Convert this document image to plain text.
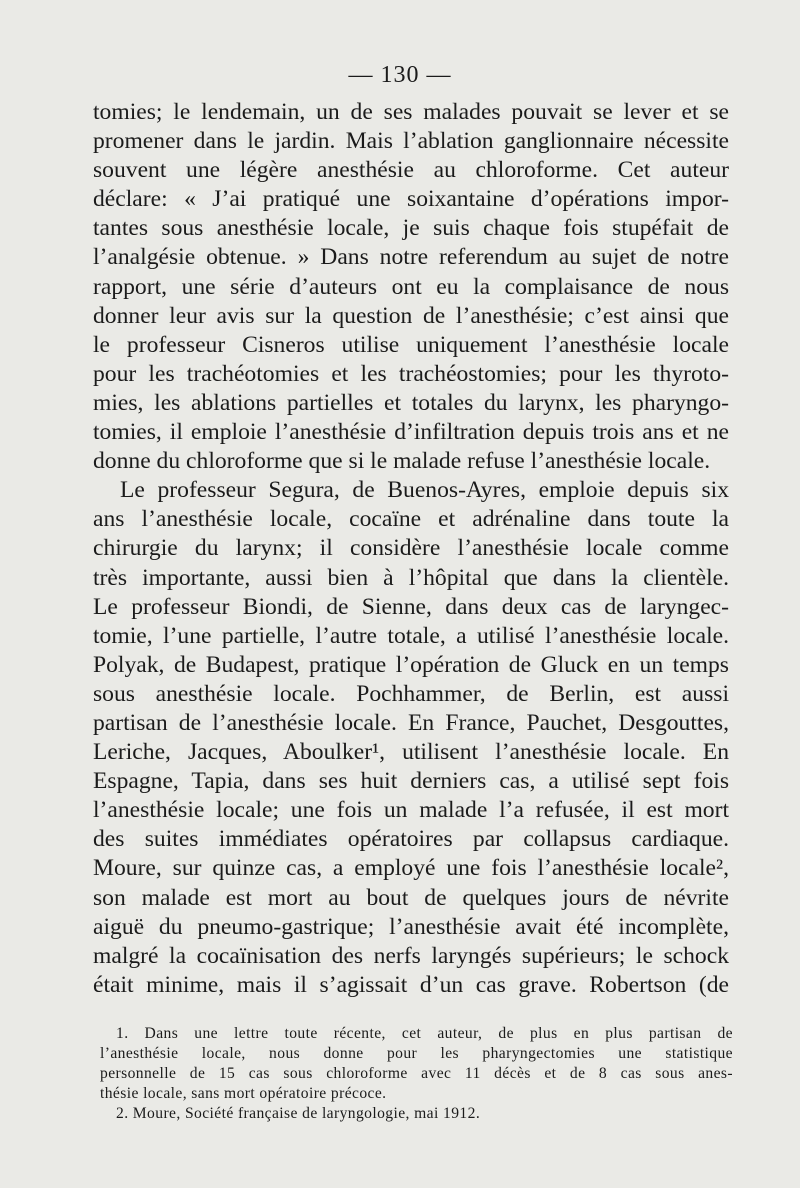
— 130 —
tomies; le lendemain, un de ses malades pouvait se lever et se
promener dans le jardin. Mais l’ablation ganglionnaire nécessite
souvent une légère anesthésie au chloroforme. Cet auteur
déclare: « J’ai pratiqué une soixantaine d’opérations impor-
tantes sous anesthésie locale, je suis chaque fois stupéfait de
l’analgésie obtenue. » Dans notre referendum au sujet de notre
rapport, une série d’auteurs ont eu la complaisance de nous
donner leur avis sur la question de l’anesthésie; c’est ainsi que
le professeur Cisneros utilise uniquement l’anesthésie locale
pour les trachéotomies et les trachéostomies; pour les thyroto-
mies, les ablations partielles et totales du larynx, les pharyngo-
tomies, il emploie l’anesthésie d’infiltration depuis trois ans et ne
donne du chloroforme que si le malade refuse l’anesthésie locale.
Le professeur Segura, de Buenos-Ayres, emploie depuis six
ans l’anesthésie locale, cocaïne et adrénaline dans toute la
chirurgie du larynx; il considère l’anesthésie locale comme
très importante, aussi bien à l’hôpital que dans la clientèle.
Le professeur Biondi, de Sienne, dans deux cas de laryngec-
tomie, l’une partielle, l’autre totale, a utilisé l’anesthésie locale.
Polyak, de Budapest, pratique l’opération de Gluck en un temps
sous anesthésie locale. Pochhammer, de Berlin, est aussi
partisan de l’anesthésie locale. En France, Pauchet, Desgouttes,
Leriche, Jacques, Aboulker¹, utilisent l’anesthésie locale. En
Espagne, Tapia, dans ses huit derniers cas, a utilisé sept fois
l’anesthésie locale; une fois un malade l’a refusée, il est mort
des suites immédiates opératoires par collapsus cardiaque.
Moure, sur quinze cas, a employé une fois l’anesthésie locale²,
son malade est mort au bout de quelques jours de névrite
aiguë du pneumo-gastrique; l’anesthésie avait été incomplète,
malgré la cocaïnisation des nerfs laryngés supérieurs; le schock
était minime, mais il s’agissait d’un cas grave. Robertson (de
1. Dans une lettre toute récente, cet auteur, de plus en plus partisan de
l’anesthésie locale, nous donne pour les pharyngectomies une statistique
personnelle de 15 cas sous chloroforme avec 11 décès et de 8 cas sous anes-
thésie locale, sans mort opératoire précoce.
2. Moure, Société française de laryngologie, mai 1912.
